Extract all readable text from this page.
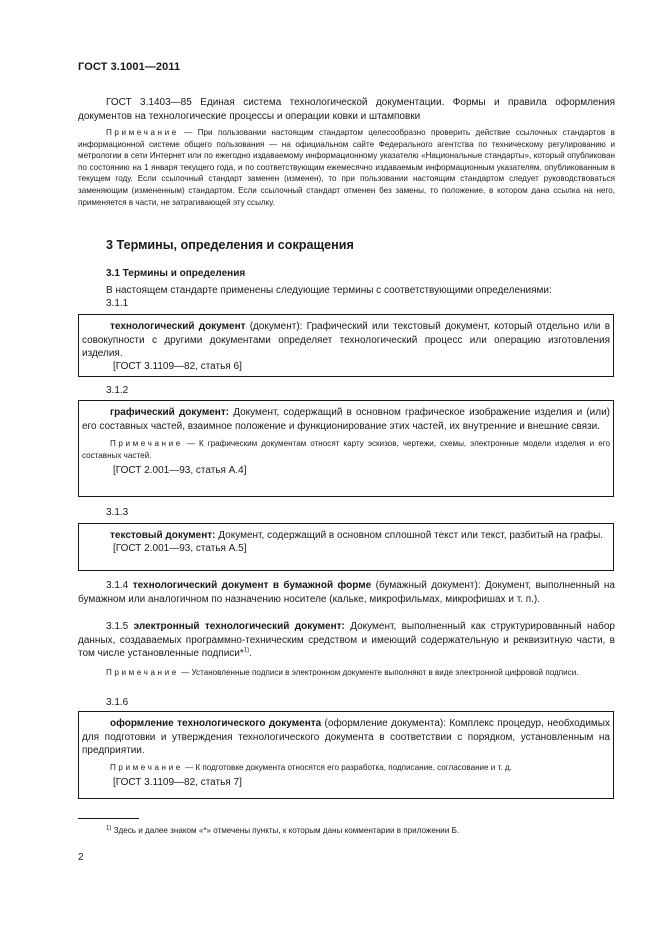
ГОСТ 3.1001—2011

ГОСТ 3.1403—85 Единая система технологической документации. Формы и правила оформления документов на технологические процессы и операции ковки и штамповки

Примечание — При пользовании настоящим стандартом целесообразно проверить действие ссылочных стандартов в информационной системе общего пользования — на официальном сайте Федерального агентства по техническому регулированию и метрологии в сети Интернет или по ежегодно издаваемому информационному указателю «Национальные стандарты», который опубликован по состоянию на 1 января текущего года, и по соответствующим ежемесячно издаваемым информационным указателям, опубликованным в текущем году. Если ссылочный стандарт заменен (изменен), то при пользовании настоящим стандартом следует руководствоваться заменяющим (измененным) стандартом. Если ссылочный стандарт отменен без замены, то положение, в котором дана ссылка на него, применяется в части, не затрагивающей эту ссылку.

3 Термины, определения и сокращения

3.1 Термины и определения

В настоящем стандарте применены следующие термины с соответствующими определениями:

3.1.1

технологический документ (документ): Графический или текстовый документ, который отдельно или в совокупности с другими документами определяет технологический процесс или операцию изготовления изделия.

[ГОСТ 3.1109—82, статья 6]

3.1.2

графический документ: Документ, содержащий в основном графическое изображение изделия и (или) его составных частей, взаимное положение и функционирование этих частей, их внутренние и внешние связи.

Примечание — К графическим документам относят карту эскизов, чертежи, схемы, электронные модели изделия и его составных частей.

[ГОСТ 2.001—93, статья А.4]

3.1.3

текстовый документ: Документ, содержащий в основном сплошной текст или текст, разбитый на графы.

[ГОСТ 2.001—93, статья А.5]

3.1.4 технологический документ в бумажной форме (бумажный документ): Документ, выполненный на бумажном или аналогичном по назначению носителе (кальке, микрофильмах, микрофишах и т. п.).

3.1.5 электронный технологический документ: Документ, выполненный как структурированный набор данных, создаваемых программно-техническим средством и имеющий содержательную и реквизитную части, в том числе установленные подписи*$^{1)}$.

Примечание — Установленные подписи в электронном документе выполняют в виде электронной цифровой подписи.

3.1.6

оформление технологического документа (оформление документа): Комплекс процедур, необходимых для подготовки и утверждения технологического документа в соответствии с порядком, установленным на предприятии.

Примечание — К подготовке документа относятся его разработка, подписание, согласование и т. д.

[ГОСТ 3.1109—82, статья 7]

$^{1)}$ Здесь и далее знаком «*» отмечены пункты, к которым даны комментарии в приложении Б.
2
